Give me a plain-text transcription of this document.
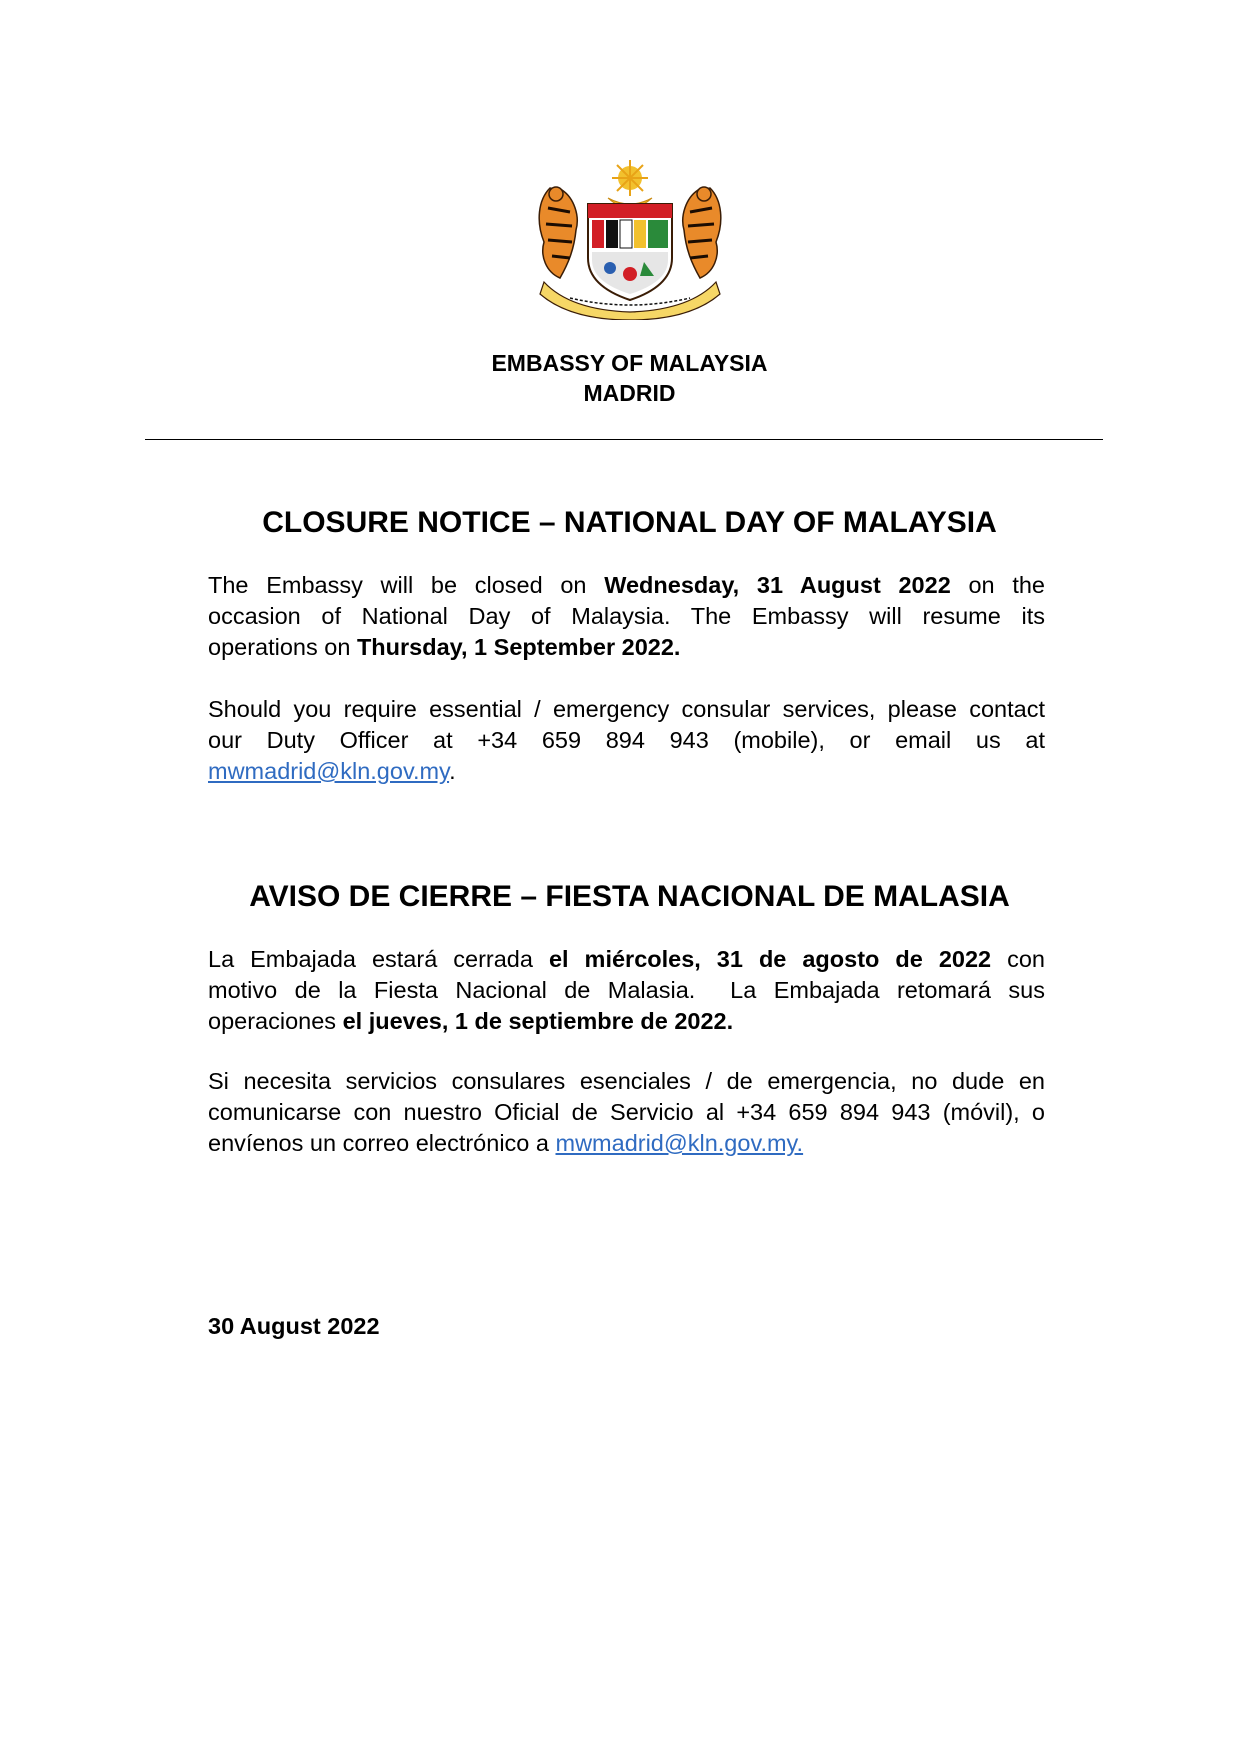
EMBASSY OF MALAYSIA
MADRID
CLOSURE NOTICE – NATIONAL DAY OF MALAYSIA
The Embassy will be closed on Wednesday, 31 August 2022 on the
occasion of National Day of Malaysia. The Embassy will resume its
operations on Thursday, 1 September 2022.
Should you require essential / emergency consular services, please contact
our Duty Officer at +34 659 894 943 (mobile), or email us at
mwmadrid@kln.gov.my.
AVISO DE CIERRE – FIESTA NACIONAL DE MALASIA
La Embajada estará cerrada el miércoles, 31 de agosto de 2022 con
motivo de la Fiesta Nacional de Malasia.  La Embajada retomará sus
operaciones el jueves, 1 de septiembre de 2022.
Si necesita servicios consulares esenciales / de emergencia, no dude en
comunicarse con nuestro Oficial de Servicio al +34 659 894 943 (móvil), o
envíenos un correo electrónico a mwmadrid@kln.gov.my.
30 August 2022
